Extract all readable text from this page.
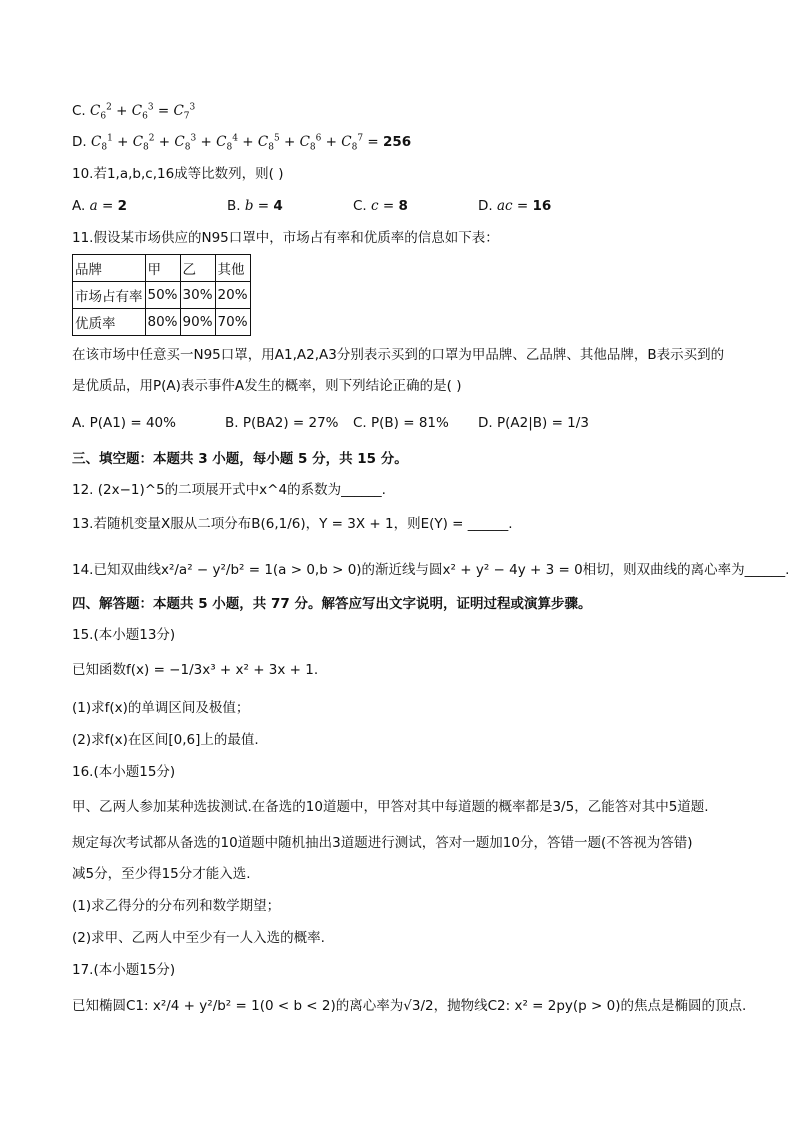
C. $C_6^2 + C_6^3 = C_7^3$
D. $C_8^1 + C_8^2 + C_8^3 + C_8^4 + C_8^5 + C_8^6 + C_8^7 = 256$
10.若1,a,b,c,16成等比数列，则( )
A. a = 2	B. b = 4	C. c = 8	D. ac = 16
11.假设某市场供应的N95口罩中，市场占有率和优质率的信息如下表：
品牌	甲	乙	其他
市场占有率	50%	30%	20%
优质率	80%	90%	70%
在该市场中任意买一N95口罩，用A1,A2,A3分别表示买到的口罩为甲品牌、乙品牌、其他品牌，B表示买到的
是优质品，用P(A)表示事件A发生的概率，则下列结论正确的是( )
A. P(A1) = 40%	B. P(BA2) = 27% C. P(B) = 81% D. P(A2|B) = 1/3
三、填空题：本题共 3 小题，每小题 5 分，共 15 分。
12. (2x−1)^5的二项展开式中x^4的系数为______.
13.若随机变量X服从二项分布B(6,1/6)，Y = 3X + 1，则E(Y) = ______.
14.已知双曲线x²/a² − y²/b² = 1(a > 0,b > 0)的渐近线与圆x² + y² − 4y + 3 = 0相切，则双曲线的离心率为______.
四、解答题：本题共 5 小题，共 77 分。解答应写出文字说明，证明过程或演算步骤。
15.(本小题13分)
已知函数f(x) = −1/3x³ + x² + 3x + 1.
(1)求f(x)的单调区间及极值；
(2)求f(x)在区间[0,6]上的最值.
16.(本小题15分)
甲、乙两人参加某种选拔测试.在备选的10道题中，甲答对其中每道题的概率都是3/5，乙能答对其中5道题.
规定每次考试都从备选的10道题中随机抽出3道题进行测试，答对一题加10分，答错一题(不答视为答错)
减5分，至少得15分才能入选.
(1)求乙得分的分布列和数学期望；
(2)求甲、乙两人中至少有一人入选的概率.
17.(本小题15分)
已知椭圆C1: x²/4 + y²/b² = 1(0 < b < 2)的离心率为√3/2，抛物线C2: x² = 2py(p > 0)的焦点是椭圆的顶点.
